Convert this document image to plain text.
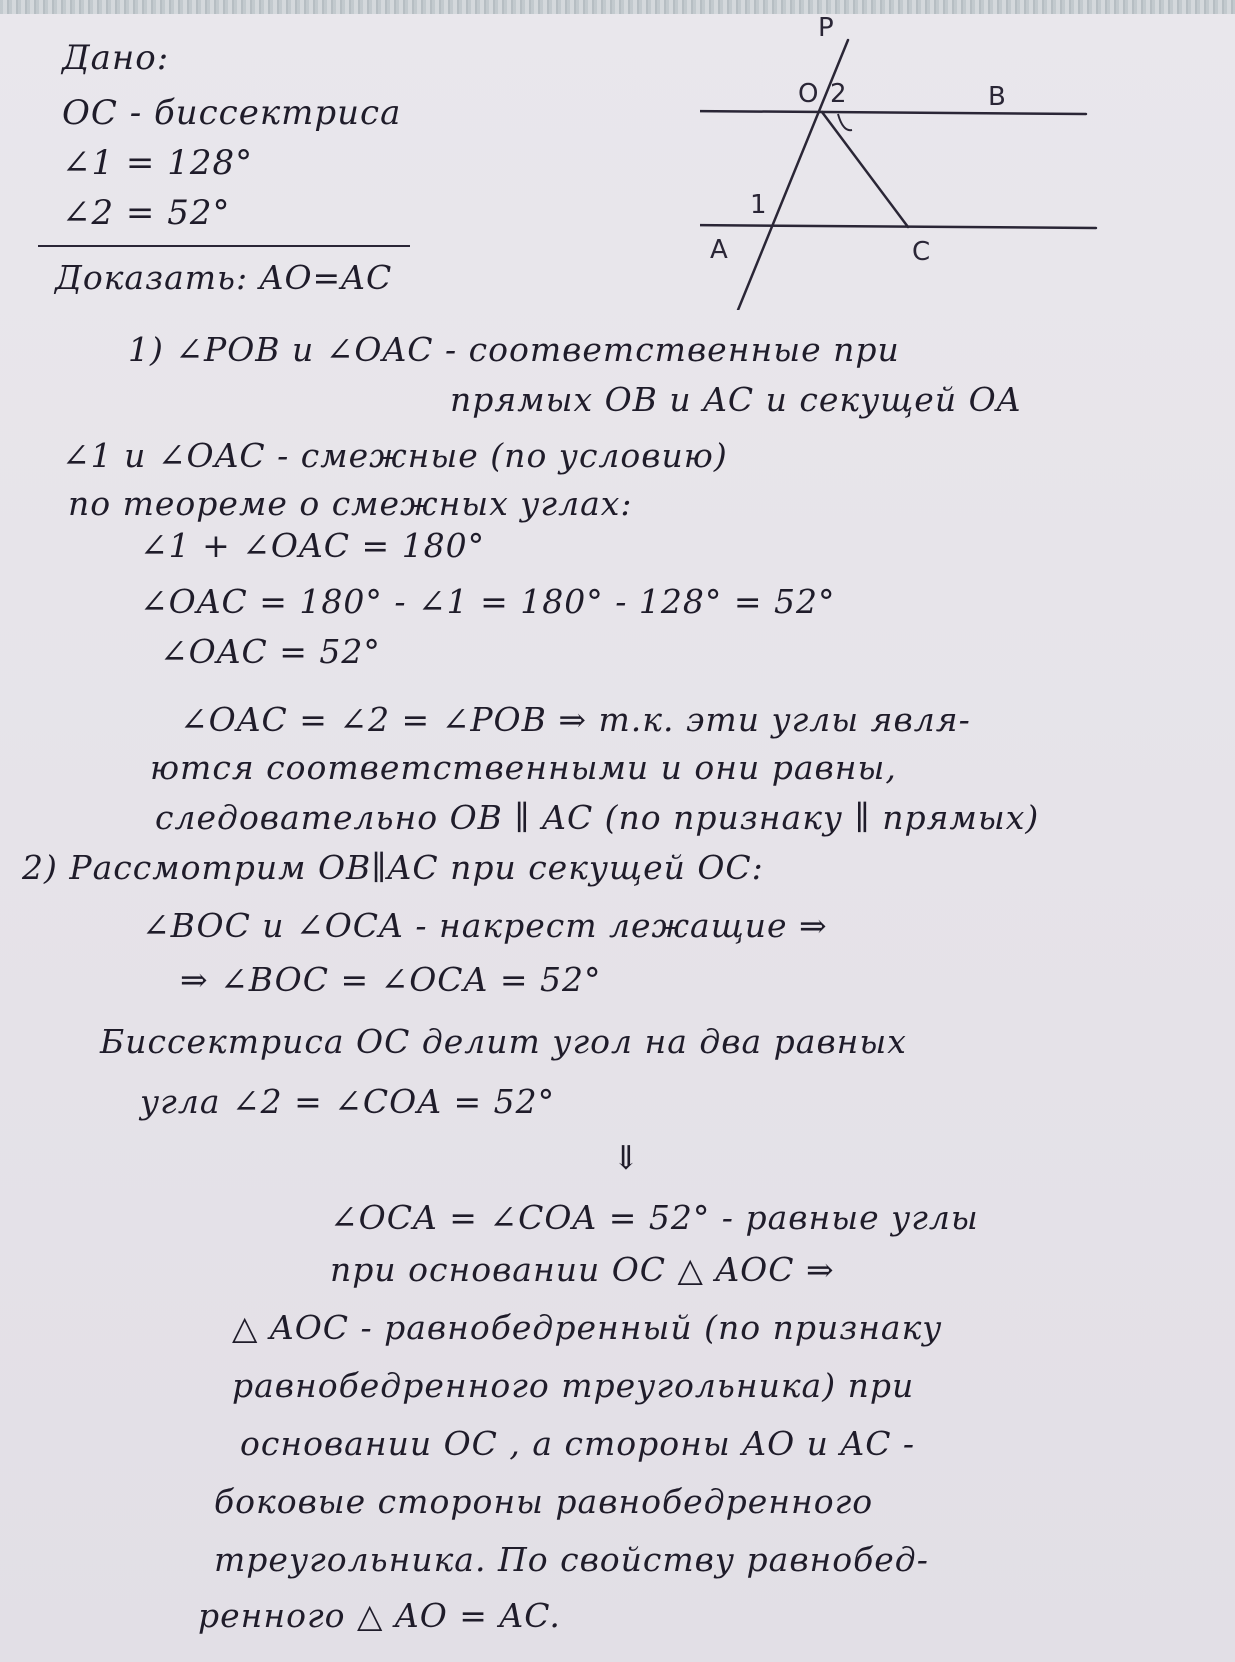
Дано:
OC - биссектриса
∠1 = 128°
∠2 = 52°
Доказать: AO=AC
P
O 2	B
1
A	C
1) ∠POB и ∠OAC - соответственные при
прямых OB и AC и секущей OA
∠1 и ∠OAC - смежные (по условию)
по теореме о смежных углах:
∠1 + ∠OAC = 180°
∠OAC = 180° - ∠1 = 180° - 128° = 52°
∠OAC = 52°
∠OAC = ∠2 = ∠POB ⇒ т.к. эти углы явля-
ются соответственными и они равны,
следовательно OB ∥ AC (по признаку ∥ прямых)
2) Рассмотрим OB∥AC при секущей OC:
∠BOC и ∠OCA - накрест лежащие ⇒
⇒ ∠BOC = ∠OCA = 52°
Биссектриса OC делит угол на два равных
угла ∠2 = ∠COA = 52°
⇓
∠OCA = ∠COA = 52° - равные углы
при основании OC △ AOC ⇒
△ AOC - равнобедренный (по признаку
равнобедренного треугольника) при
основании OC , а стороны AO и AC -
боковые стороны равнобедренного
треугольника. По свойству равнобед-
ренного △ AO = AC.
